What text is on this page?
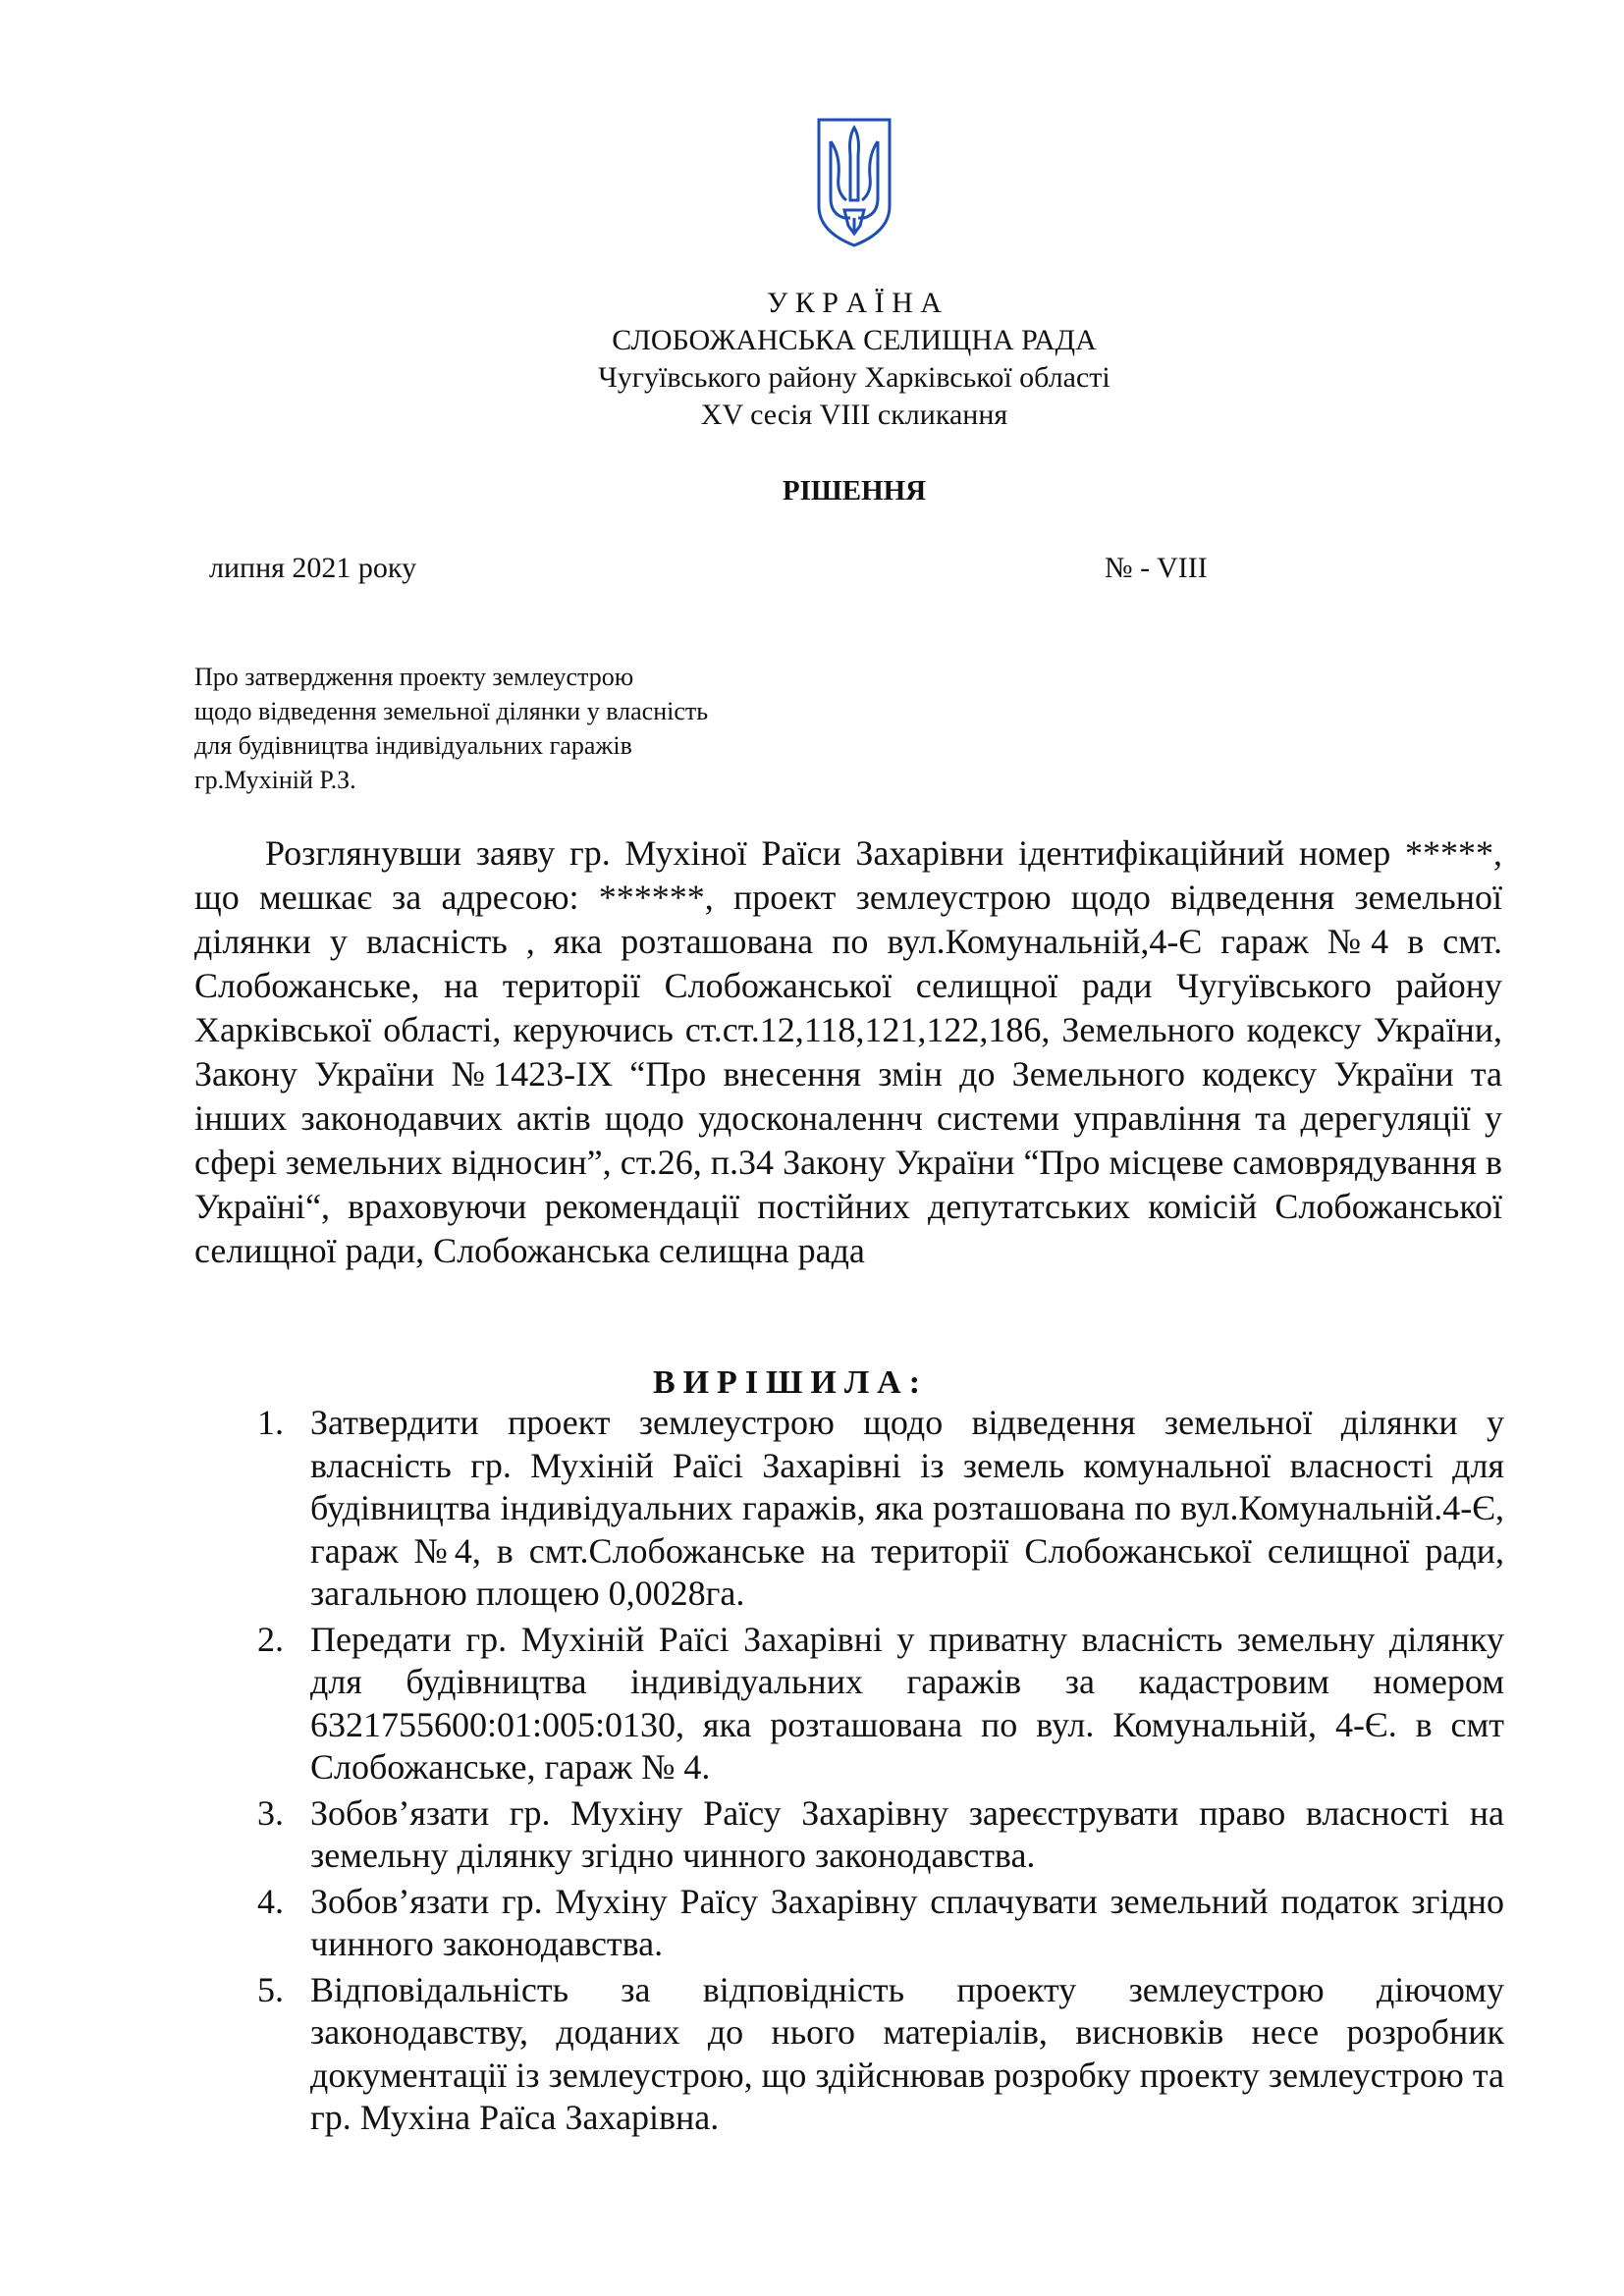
У К Р А Ї Н А
СЛОБОЖАНСЬКА СЕЛИЩНА РАДА
Чугуївського району Харківської області
XV сесія VIII скликання
РІШЕННЯ
липня 2021 року	№ - VIII
Про затвердження проекту землеустрою
щодо відведення земельної ділянки у власність
для будівництва індивідуальних гаражів
гр.Мухіній Р.З.
Розглянувши заяву гр. Мухіної Раїси Захарівни ідентифікаційний номер *****, що мешкає за адресою: ******, проект землеустрою щодо відведення земельної ділянки у власність , яка розташована по вул.Комунальній,4-Є гараж №4 в смт. Слобожанське, на території Слобожанської селищної ради Чугуївського району Харківської області, керуючись ст.ст.12,118,121,122,186, Земельного кодексу України, Закону України №1423-IX “Про внесення змін до Земельного кодексу України та інших законодавчих актів щодо удосконаленнч системи управління та дерегуляції у сфері земельних відносин”, ст.26, п.34 Закону України “Про місцеве самоврядування в Україні“, враховуючи рекомендації постійних депутатських комісій Слобожанської селищної ради, Слобожанська селищна рада
ВИРІШИЛА:
1. Затвердити проект землеустрою щодо відведення земельної ділянки у власність гр. Мухіній Раїсі Захарівні із земель комунальної власності для будівництва індивідуальних гаражів, яка розташована по вул.Комунальній.4-Є, гараж №4, в смт.Слобожанське на території Слобожанської селищної ради, загальною площею 0,0028га.
2. Передати гр. Мухіній Раїсі Захарівні у приватну власність земельну ділянку для будівництва індивідуальних гаражів за кадастровим номером 6321755600:01:005:0130, яка розташована по вул. Комунальній, 4-Є. в смт Слобожанське, гараж № 4.
3. Зобов’язати гр. Мухіну Раїсу Захарівну зареєструвати право власності на земельну ділянку згідно чинного законодавства.
4. Зобов’язати гр. Мухіну Раїсу Захарівну сплачувати земельний податок згідно чинного законодавства.
5. Відповідальність за відповідність проекту землеустрою діючому законодавству, доданих до нього матеріалів, висновків несе розробник документації із землеустрою, що здійснював розробку проекту землеустрою та гр. Мухіна Раїса Захарівна.
